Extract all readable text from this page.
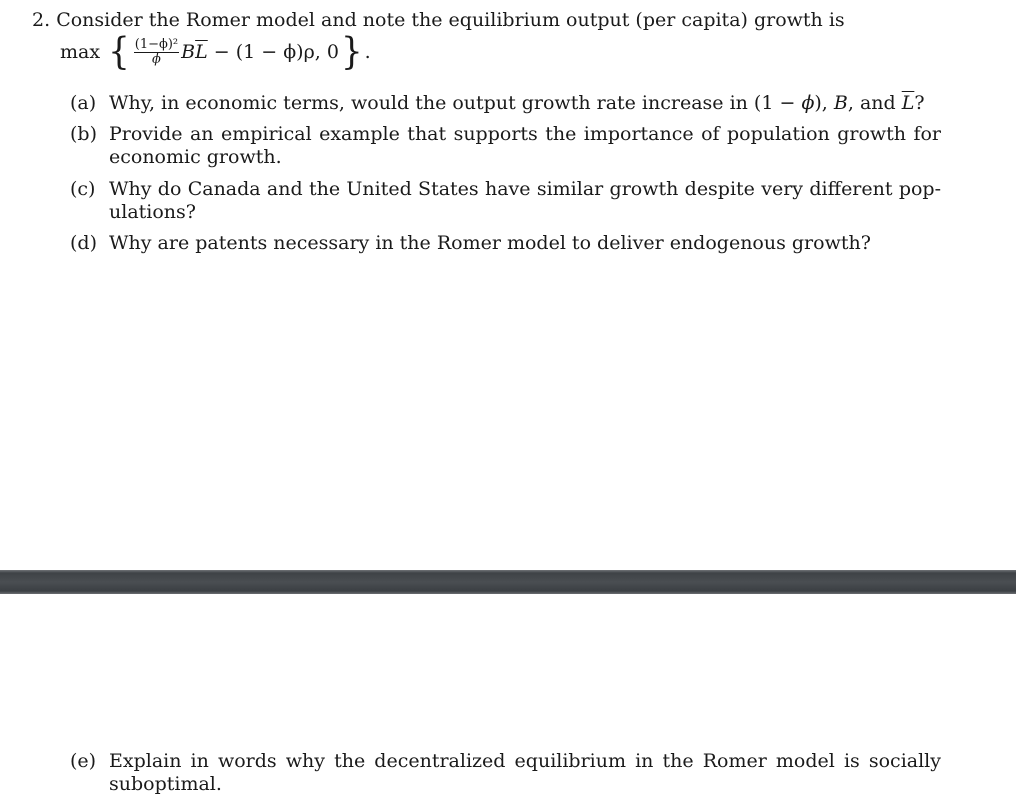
2. Consider the Romer model and note the equilibrium output (per capita) growth is
max
{ $\frac{\text{(1−ϕ)²}}{\phi}$ B $\overline{L} - (1 - \phi)\rho$, 0 } .
(a) Why, in economic terms, would the output growth rate increase in (1 − ϕ), B, and $\overline{L}$?
(b) Provide an empirical example that supports the importance of population growth for economic growth.
(c) Why do Canada and the United States have similar growth despite very different pop-ulations?
(d) Why are patents necessary in the Romer model to deliver endogenous growth?
(e) Explain in words why the decentralized equilibrium in the Romer model is socially suboptimal.
